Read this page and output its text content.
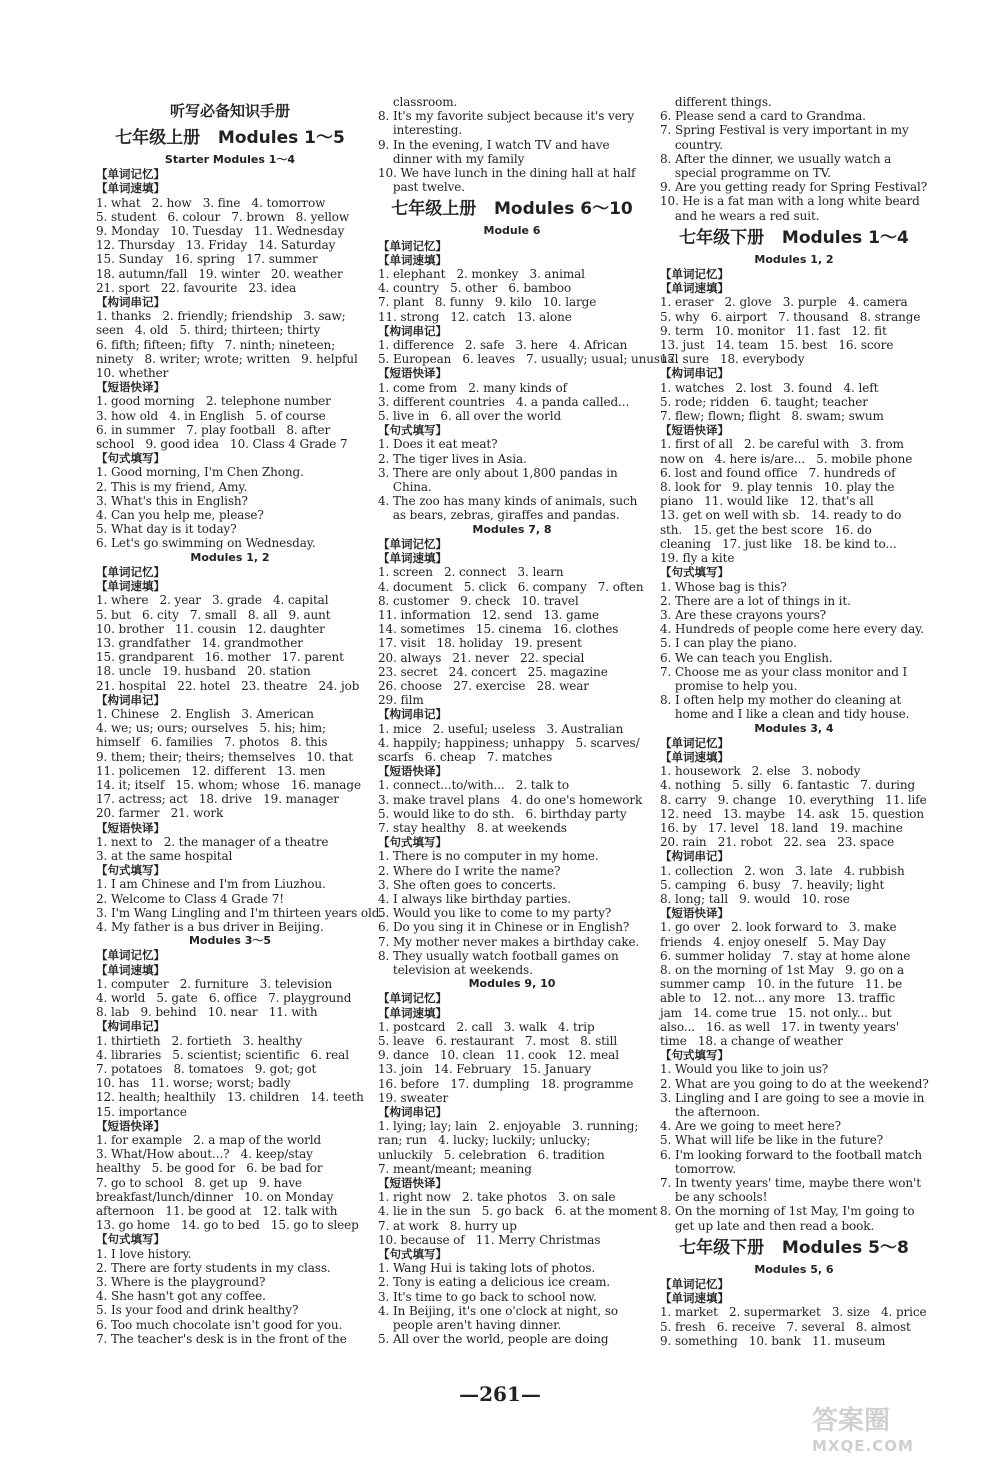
听写必备知识手册
七年级上册   Modules 1～5
Starter Modules 1～4
【单词记忆】
【单词速填】
1. what   2. how   3. fine   4. tomorrow
5. student   6. colour   7. brown   8. yellow
9. Monday   10. Tuesday   11. Wednesday
12. Thursday   13. Friday   14. Saturday
15. Sunday   16. spring   17. summer
18. autumn/fall   19. winter   20. weather
21. sport   22. favourite   23. idea
【构词串记】
1. thanks   2. friendly; friendship   3. saw;
seen   4. old   5. third; thirteen; thirty
6. fifth; fifteen; fifty   7. ninth; nineteen;
ninety   8. writer; wrote; written   9. helpful
10. whether
【短语快译】
1. good morning   2. telephone number
3. how old   4. in English   5. of course
6. in summer   7. play football   8. after
school   9. good idea   10. Class 4 Grade 7
【句式填写】
1. Good morning, I'm Chen Zhong.
2. This is my friend, Amy.
3. What's this in English?
4. Can you help me, please?
5. What day is it today?
6. Let's go swimming on Wednesday.
Modules 1, 2
【单词记忆】
【单词速填】
1. where   2. year   3. grade   4. capital
5. but   6. city   7. small   8. all   9. aunt
10. brother   11. cousin   12. daughter
13. grandfather   14. grandmother
15. grandparent   16. mother   17. parent
18. uncle   19. husband   20. station
21. hospital   22. hotel   23. theatre   24. job
【构词串记】
1. Chinese   2. English   3. American
4. we; us; ours; ourselves   5. his; him;
himself   6. families   7. photos   8. this
9. them; their; theirs; themselves   10. that
11. policemen   12. different   13. men
14. it; itself   15. whom; whose   16. manage
17. actress; act   18. drive   19. manager
20. farmer   21. work
【短语快译】
1. next to   2. the manager of a theatre
3. at the same hospital
【句式填写】
1. I am Chinese and I'm from Liuzhou.
2. Welcome to Class 4 Grade 7!
3. I'm Wang Lingling and I'm thirteen years old.
4. My father is a bus driver in Beijing.
Modules 3～5
【单词记忆】
【单词速填】
1. computer   2. furniture   3. television
4. world   5. gate   6. office   7. playground
8. lab   9. behind   10. near   11. with
【构词串记】
1. thirtieth   2. fortieth   3. healthy
4. libraries   5. scientist; scientific   6. real
7. potatoes   8. tomatoes   9. got; got
10. has   11. worse; worst; badly
12. health; healthily   13. children   14. teeth
15. importance
【短语快译】
1. for example   2. a map of the world
3. What/How about...?   4. keep/stay
healthy   5. be good for   6. be bad for
7. go to school   8. get up   9. have
breakfast/lunch/dinner   10. on Monday
afternoon   11. be good at   12. talk with
13. go home   14. go to bed   15. go to sleep
【句式填写】
1. I love history.
2. There are forty students in my class.
3. Where is the playground?
4. She hasn't got any coffee.
5. Is your food and drink healthy?
6. Too much chocolate isn't good for you.
7. The teacher's desk is in the front of the
classroom.
8. It's my favorite subject because it's very
interesting.
9. In the evening, I watch TV and have
dinner with my family
10. We have lunch in the dining hall at half
past twelve.
七年级上册   Modules 6～10
Module 6
【单词记忆】
【单词速填】
1. elephant   2. monkey   3. animal
4. country   5. other   6. bamboo
7. plant   8. funny   9. kilo   10. large
11. strong   12. catch   13. alone
【构词串记】
1. difference   2. safe   3. here   4. African
5. European   6. leaves   7. usually; usual; unusual
【短语快译】
1. come from   2. many kinds of
3. different countries   4. a panda called...
5. live in   6. all over the world
【句式填写】
1. Does it eat meat?
2. The tiger lives in Asia.
3. There are only about 1,800 pandas in
China.
4. The zoo has many kinds of animals, such
as bears, zebras, giraffes and pandas.
Modules 7, 8
【单词记忆】
【单词速填】
1. screen   2. connect   3. learn
4. document   5. click   6. company   7. often
8. customer   9. check   10. travel
11. information   12. send   13. game
14. sometimes   15. cinema   16. clothes
17. visit   18. holiday   19. present
20. always   21. never   22. special
23. secret   24. concert   25. magazine
26. choose   27. exercise   28. wear
29. film
【构词串记】
1. mice   2. useful; useless   3. Australian
4. happily; happiness; unhappy   5. scarves/
scarfs   6. cheap   7. matches
【短语快译】
1. connect...to/with...   2. talk to
3. make travel plans   4. do one's homework
5. would like to do sth.   6. birthday party
7. stay healthy   8. at weekends
【句式填写】
1. There is no computer in my home.
2. Where do I write the name?
3. She often goes to concerts.
4. I always like birthday parties.
5. Would you like to come to my party?
6. Do you sing it in Chinese or in English?
7. My mother never makes a birthday cake.
8. They usually watch football games on
television at weekends.
Modules 9, 10
【单词记忆】
【单词速填】
1. postcard   2. call   3. walk   4. trip
5. leave   6. restaurant   7. most   8. still
9. dance   10. clean   11. cook   12. meal
13. join   14. February   15. January
16. before   17. dumpling   18. programme
19. sweater
【构词串记】
1. lying; lay; lain   2. enjoyable   3. running;
ran; run   4. lucky; luckily; unlucky;
unluckily   5. celebration   6. tradition
7. meant/meant; meaning
【短语快译】
1. right now   2. take photos   3. on sale
4. lie in the sun   5. go back   6. at the moment
7. at work   8. hurry up
10. because of   11. Merry Christmas
【句式填写】
1. Wang Hui is taking lots of photos.
2. Tony is eating a delicious ice cream.
3. It's time to go back to school now.
4. In Beijing, it's one o'clock at night, so
people aren't having dinner.
5. All over the world, people are doing
different things.
6. Please send a card to Grandma.
7. Spring Festival is very important in my
country.
8. After the dinner, we usually watch a
special programme on TV.
9. Are you getting ready for Spring Festival?
10. He is a fat man with a long white beard
and he wears a red suit.
七年级下册   Modules 1～4
Modules 1, 2
【单词记忆】
【单词速填】
1. eraser   2. glove   3. purple   4. camera
5. why   6. airport   7. thousand   8. strange
9. term   10. monitor   11. fast   12. fit
13. just   14. team   15. best   16. score
17. sure   18. everybody
【构词串记】
1. watches   2. lost   3. found   4. left
5. rode; ridden   6. taught; teacher
7. flew; flown; flight   8. swam; swum
【短语快译】
1. first of all   2. be careful with   3. from
now on   4. here is/are...   5. mobile phone
6. lost and found office   7. hundreds of
8. look for   9. play tennis   10. play the
piano   11. would like   12. that's all
13. get on well with sb.   14. ready to do
sth.   15. get the best score   16. do
cleaning   17. just like   18. be kind to...
19. fly a kite
【句式填写】
1. Whose bag is this?
2. There are a lot of things in it.
3. Are these crayons yours?
4. Hundreds of people come here every day.
5. I can play the piano.
6. We can teach you English.
7. Choose me as your class monitor and I
promise to help you.
8. I often help my mother do cleaning at
home and I like a clean and tidy house.
Modules 3, 4
【单词记忆】
【单词速填】
1. housework   2. else   3. nobody
4. nothing   5. silly   6. fantastic   7. during
8. carry   9. change   10. everything   11. life
12. need   13. maybe   14. ask   15. question
16. by   17. level   18. land   19. machine
20. rain   21. robot   22. sea   23. space
【构词串记】
1. collection   2. won   3. late   4. rubbish
5. camping   6. busy   7. heavily; light
8. long; tall   9. would   10. rose
【短语快译】
1. go over   2. look forward to   3. make
friends   4. enjoy oneself   5. May Day
6. summer holiday   7. stay at home alone
8. on the morning of 1st May   9. go on a
summer camp   10. in the future   11. be
able to   12. not... any more   13. traffic
jam   14. come true   15. not only... but
also...   16. as well   17. in twenty years'
time   18. a change of weather
【句式填写】
1. Would you like to join us?
2. What are you going to do at the weekend?
3. Lingling and I are going to see a movie in
the afternoon.
4. Are we going to meet here?
5. What will life be like in the future?
6. I'm looking forward to the football match
tomorrow.
7. In twenty years' time, maybe there won't
be any schools!
8. On the morning of 1st May, I'm going to
get up late and then read a book.
七年级下册   Modules 5～8
Modules 5, 6
【单词记忆】
【单词速填】
1. market   2. supermarket   3. size   4. price
5. fresh   6. receive   7. several   8. almost
9. something   10. bank   11. museum
—261—
答案圈
MXQE.COM
